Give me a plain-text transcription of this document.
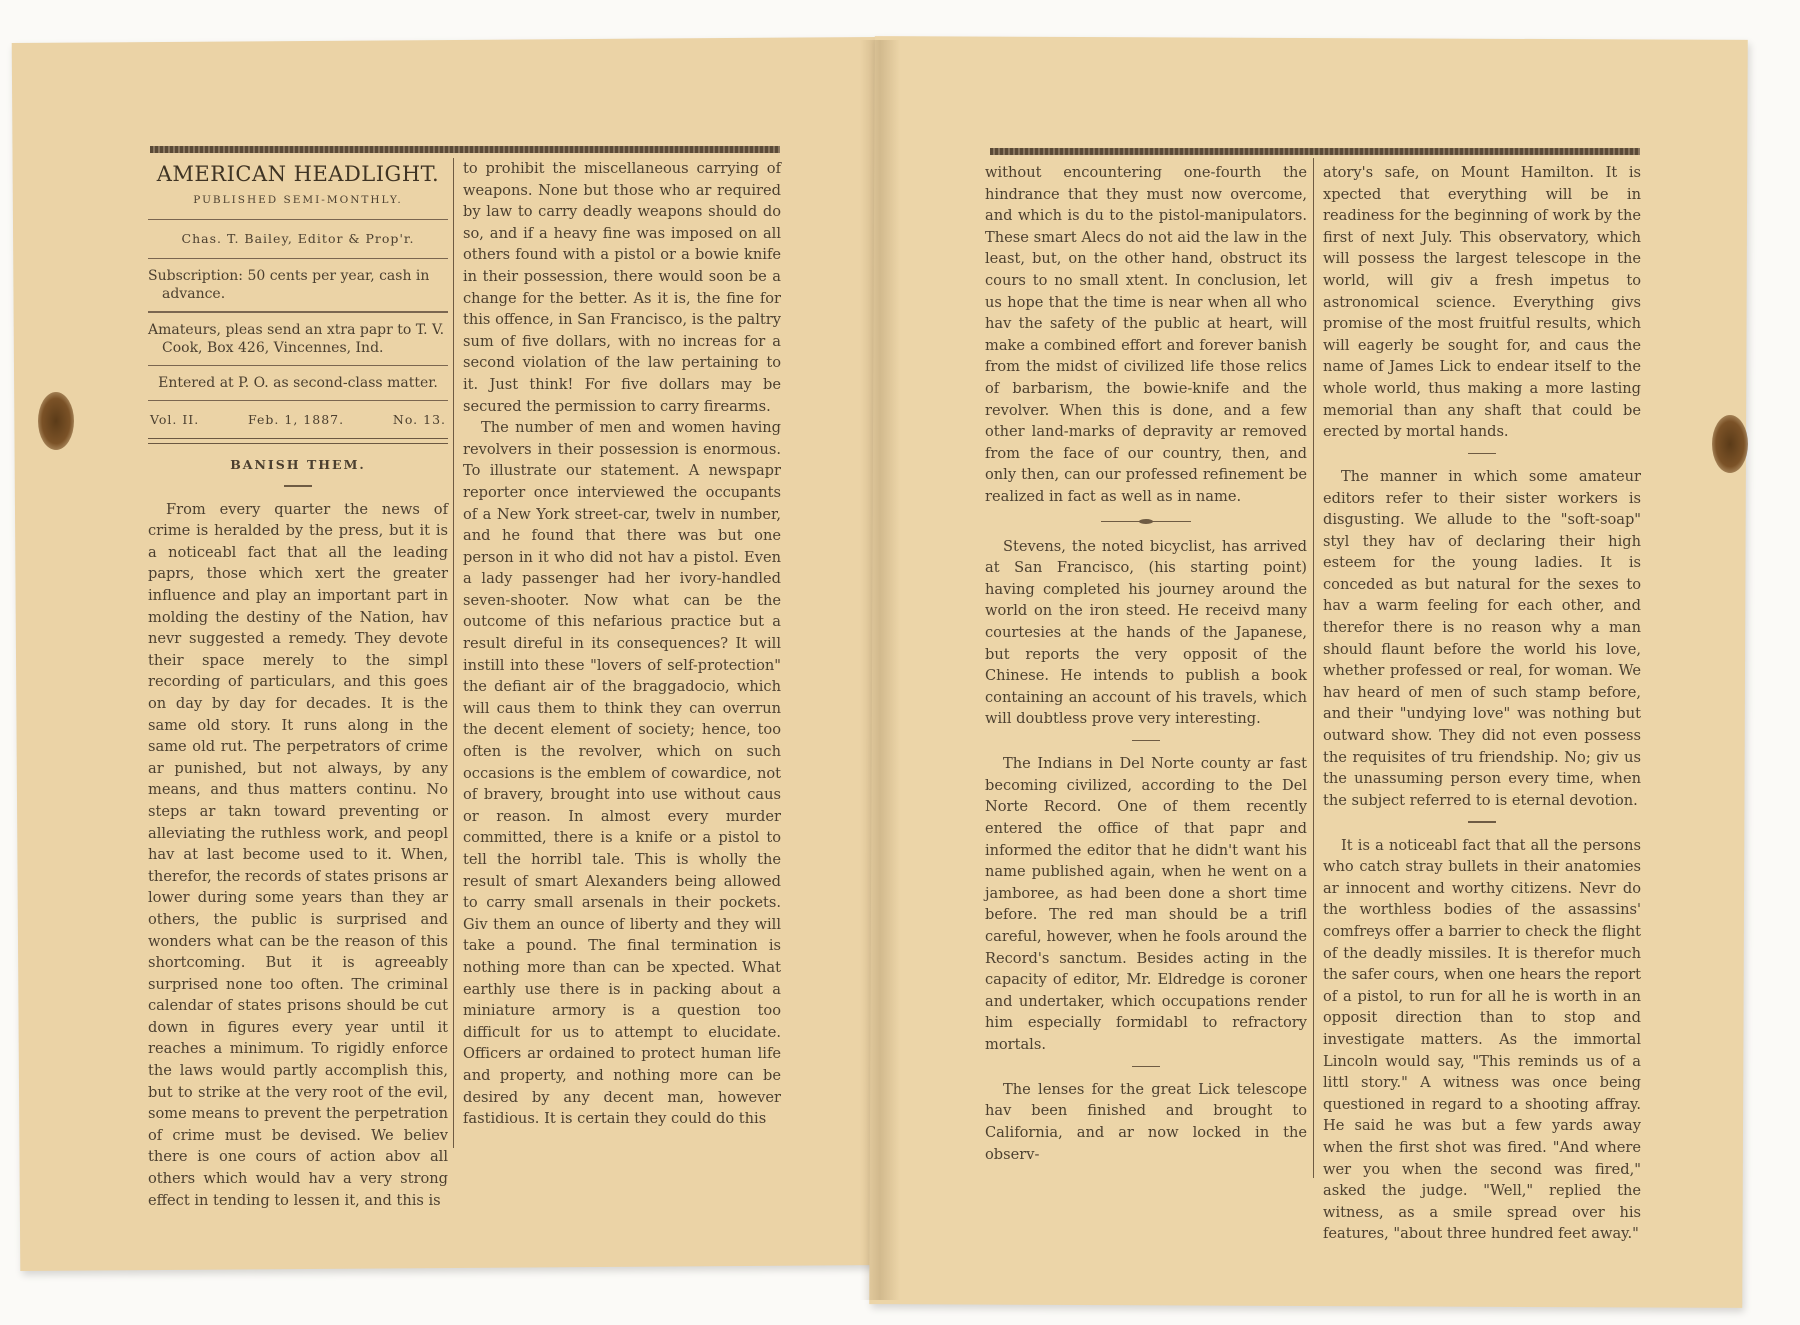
AMERICAN HEADLIGHT.
PUBLISHED SEMI-MONTHLY.
Chas. T. Bailey, Editor & Prop'r.
Subscription: 50 cents per year, cash in advance.
Amateurs, pleas send an xtra papr to T. V. Cook, Box 426, Vincennes, Ind.
Entered at P. O. as second-class matter.
Vol. II.	Feb. 1, 1887.	No. 13.
BANISH THEM.

From every quarter the news of crime is heralded by the press, but it is a noticeabl fact that all the leading paprs, those which xert the greater influence and play an important part in molding the destiny of the Nation, hav nevr suggested a remedy. They devote their space merely to the simpl recording of particulars, and this goes on day by day for decades. It is the same old story. It runs along in the same old rut. The perpetrators of crime ar punished, but not always, by any means, and thus matters continu. No steps ar takn toward preventing or alleviating the ruthless work, and peopl hav at last become used to it. When, therefor, the records of states prisons ar lower during some years than they ar others, the public is surprised and wonders what can be the reason of this shortcoming. But it is agreeably surprised none too often. The criminal calendar of states prisons should be cut down in figures every year until it reaches a minimum. To rigidly enforce the laws would partly accomplish this, but to strike at the very root of the evil, some means to prevent the perpetration of crime must be devised. We believ there is one cours of action abov all others which would hav a very strong effect in tending to lessen it, and this is

to prohibit the miscellaneous carrying of weapons. None but those who ar required by law to carry deadly weapons should do so, and if a heavy fine was imposed on all others found with a pistol or a bowie knife in their possession, there would soon be a change for the better. As it is, the fine for this offence, in San Francisco, is the paltry sum of five dollars, with no increas for a second violation of the law pertaining to it. Just think! For five dollars may be secured the permission to carry firearms.

The number of men and women having revolvers in their possession is enormous. To illustrate our statement. A newspapr reporter once interviewed the occupants of a New York street-car, twelv in number, and he found that there was but one person in it who did not hav a pistol. Even a lady passenger had her ivory-handled seven-shooter. Now what can be the outcome of this nefarious practice but a result direful in its consequences? It will instill into these "lovers of self-protection" the defiant air of the braggadocio, which will caus them to think they can overrun the decent element of society; hence, too often is the revolver, which on such occasions is the emblem of cowardice, not of bravery, brought into use without caus or reason. In almost every murder committed, there is a knife or a pistol to tell the horribl tale. This is wholly the result of smart Alexanders being allowed to carry small arsenals in their pockets. Giv them an ounce of liberty and they will take a pound. The final termination is nothing more than can be xpected. What earthly use there is in packing about a miniature armory is a question too difficult for us to attempt to elucidate. Officers ar ordained to protect human life and property, and nothing more can be desired by any decent man, however fastidious. It is certain they could do this

without encountering one-fourth the hindrance that they must now overcome, and which is du to the pistol-manipulators. These smart Alecs do not aid the law in the least, but, on the other hand, obstruct its cours to no small xtent. In conclusion, let us hope that the time is near when all who hav the safety of the public at heart, will make a combined effort and forever banish from the midst of civilized life those relics of barbarism, the bowie-knife and the revolver. When this is done, and a few other land-marks of depravity ar removed from the face of our country, then, and only then, can our professed refinement be realized in fact as well as in name.

Stevens, the noted bicyclist, has arrived at San Francisco, (his starting point) having completed his journey around the world on the iron steed. He receivd many courtesies at the hands of the Japanese, but reports the very opposit of the Chinese. He intends to publish a book containing an account of his travels, which will doubtless prove very interesting.

The Indians in Del Norte county ar fast becoming civilized, according to the Del Norte Record. One of them recently entered the office of that papr and informed the editor that he didn't want his name published again, when he went on a jamboree, as had been done a short time before. The red man should be a trifl careful, however, when he fools around the Record's sanctum. Besides acting in the capacity of editor, Mr. Eldredge is coroner and undertaker, which occupations render him especially formidabl to refractory mortals.

The lenses for the great Lick telescope hav been finished and brought to California, and ar now locked in the observ-

atory's safe, on Mount Hamilton. It is xpected that everything will be in readiness for the beginning of work by the first of next July. This observatory, which will possess the largest telescope in the world, will giv a fresh impetus to astronomical science. Everything givs promise of the most fruitful results, which will eagerly be sought for, and caus the name of James Lick to endear itself to the whole world, thus making a more lasting memorial than any shaft that could be erected by mortal hands.

The manner in which some amateur editors refer to their sister workers is disgusting. We allude to the "soft-soap" styl they hav of declaring their high esteem for the young ladies. It is conceded as but natural for the sexes to hav a warm feeling for each other, and therefor there is no reason why a man should flaunt before the world his love, whether professed or real, for woman. We hav heard of men of such stamp before, and their "undying love" was nothing but outward show. They did not even possess the requisites of tru friendship. No; giv us the unassuming person every time, when the subject referred to is eternal devotion.

It is a noticeabl fact that all the persons who catch stray bullets in their anatomies ar innocent and worthy citizens. Nevr do the worthless bodies of the assassins' comfreys offer a barrier to check the flight of the deadly missiles. It is therefor much the safer cours, when one hears the report of a pistol, to run for all he is worth in an opposit direction than to stop and investigate matters. As the immortal Lincoln would say, "This reminds us of a littl story." A witness was once being questioned in regard to a shooting affray. He said he was but a few yards away when the first shot was fired. "And where wer you when the second was fired," asked the judge. "Well," replied the witness, as a smile spread over his features, "about three hundred feet away."
